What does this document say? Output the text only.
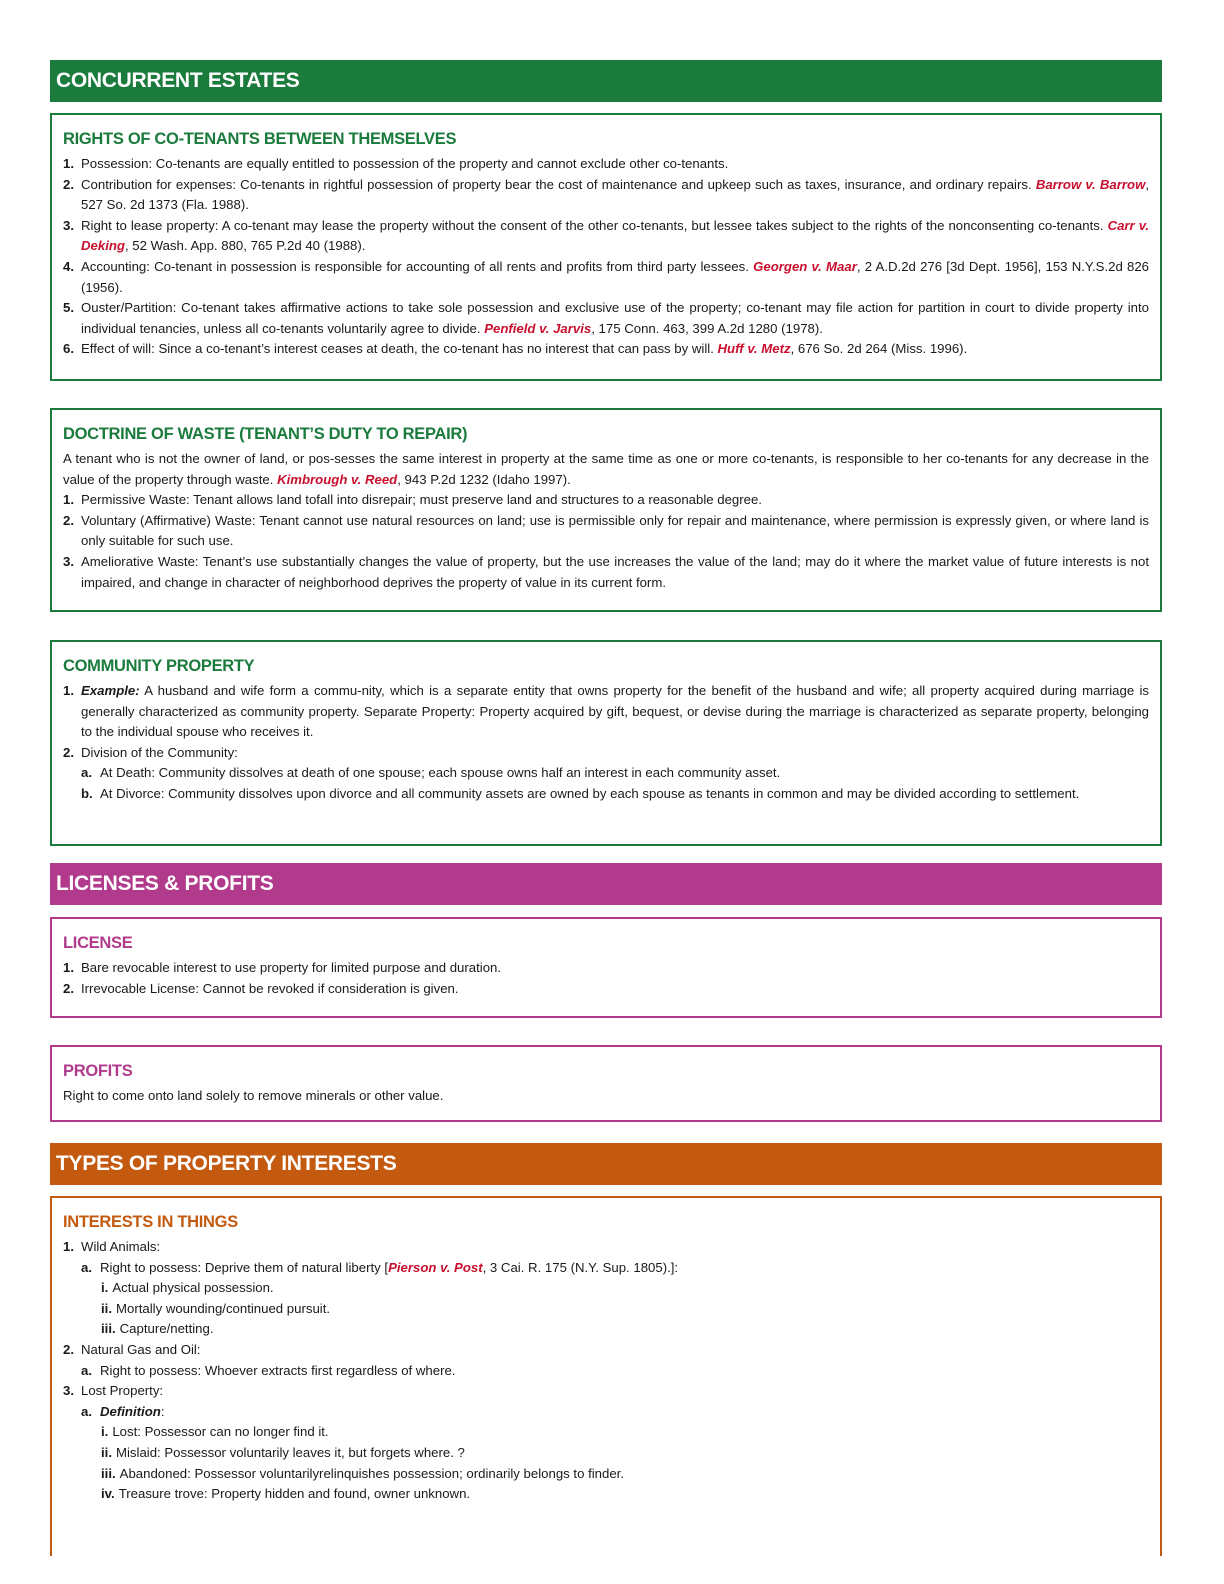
CONCURRENT ESTATES
RIGHTS OF CO-TENANTS BETWEEN THEMSELVES
1. Possession: Co-tenants are equally entitled to possession of the property and cannot exclude other co-tenants.
2. Contribution for expenses: Co-tenants in rightful possession of property bear the cost of maintenance and upkeep such as taxes, insurance, and ordinary repairs. Barrow v. Barrow, 527 So. 2d 1373 (Fla. 1988).
3. Right to lease property: A co-tenant may lease the property without the consent of the other co-tenants, but lessee takes subject to the rights of the nonconsenting co-tenants. Carr v. Deking, 52 Wash. App. 880, 765 P.2d 40 (1988).
4. Accounting: Co-tenant in possession is responsible for accounting of all rents and profits from third party lessees. Georgen v. Maar, 2 A.D.2d 276 [3d Dept. 1956], 153 N.Y.S.2d 826 (1956).
5. Ouster/Partition: Co-tenant takes affirmative actions to take sole possession and exclusive use of the property; co-tenant may file action for partition in court to divide property into individual tenancies, unless all co-tenants voluntarily agree to divide. Penfield v. Jarvis, 175 Conn. 463, 399 A.2d 1280 (1978).
6. Effect of will: Since a co-tenant’s interest ceases at death, the co-tenant has no interest that can pass by will. Huff v. Metz, 676 So. 2d 264 (Miss. 1996).
DOCTRINE OF WASTE (TENANT’S DUTY TO REPAIR)
A tenant who is not the owner of land, or pos-sesses the same interest in property at the same time as one or more co-tenants, is responsible to her co-tenants for any decrease in the value of the property through waste. Kimbrough v. Reed, 943 P.2d 1232 (Idaho 1997).
1. Permissive Waste: Tenant allows land tofall into disrepair; must preserve land and structures to a reasonable degree.
2. Voluntary (Affirmative) Waste: Tenant cannot use natural resources on land; use is permissible only for repair and maintenance, where permission is expressly given, or where land is only suitable for such use.
3. Ameliorative Waste: Tenant’s use substantially changes the value of property, but the use increases the value of the land; may do it where the market value of future interests is not impaired, and change in character of neighborhood deprives the property of value in its current form.
COMMUNITY PROPERTY
1. Example: A husband and wife form a commu-nity, which is a separate entity that owns property for the benefit of the husband and wife; all property acquired during marriage is generally characterized as community property. Separate Property: Property acquired by gift, bequest, or devise during the marriage is characterized as separate property, belonging to the individual spouse who receives it.
2. Division of the Community:
a. At Death: Community dissolves at death of one spouse; each spouse owns half an interest in each community asset.
b. At Divorce: Community dissolves upon divorce and all community assets are owned by each spouse as tenants in common and may be divided according to settlement.
LICENSES & PROFITS
LICENSE
1. Bare revocable interest to use property for limited purpose and duration.
2. Irrevocable License: Cannot be revoked if consideration is given.
PROFITS
Right to come onto land solely to remove minerals or other value.
TYPES OF PROPERTY INTERESTS
INTERESTS IN THINGS
1. Wild Animals:
a. Right to possess: Deprive them of natural liberty [Pierson v. Post, 3 Cai. R. 175 (N.Y. Sup. 1805).]:
i. Actual physical possession.
ii. Mortally wounding/continued pursuit.
iii. Capture/netting.
2. Natural Gas and Oil:
a. Right to possess: Whoever extracts first regardless of where.
3. Lost Property:
a. Definition:
i. Lost: Possessor can no longer find it.
ii. Mislaid: Possessor voluntarily leaves it, but forgets where. ?
iii. Abandoned: Possessor voluntarilyrelinquishes possession; ordinarily belongs to finder.
iv. Treasure trove: Property hidden and found, owner unknown.
